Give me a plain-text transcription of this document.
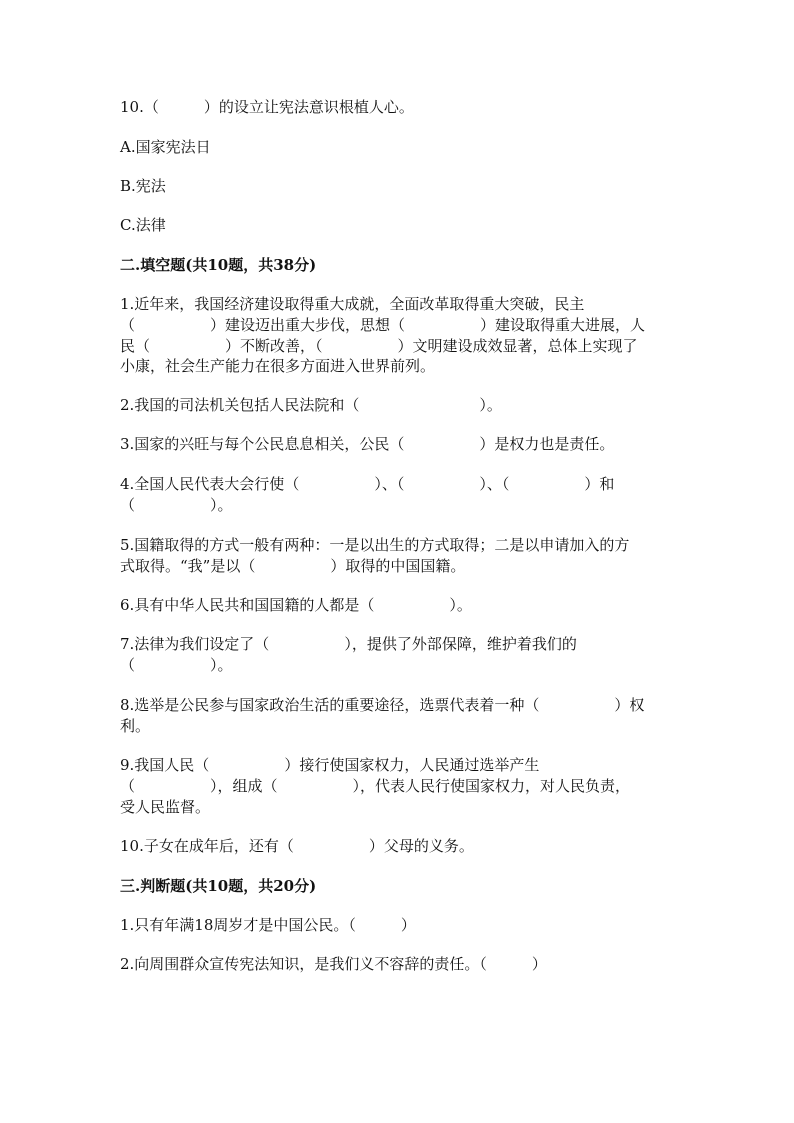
10.（　　　）的设立让宪法意识根植人心。
A.国家宪法日
B.宪法
C.法律
二.填空题(共10题，共38分)
1.近年来，我国经济建设取得重大成就，全面改革取得重大突破，民主
（　　　　　）建设迈出重大步伐，思想（　　　　　）建设取得重大进展，人
民（　　　　　）不断改善，（　　　　　）文明建设成效显著，总体上实现了
小康，社会生产能力在很多方面进入世界前列。
2.我国的司法机关包括人民法院和（　　　　　　　　）。
3.国家的兴旺与每个公民息息相关，公民（　　　　　）是权力也是责任。
4.全国人民代表大会行使（　　　　　）、（　　　　　）、（　　　　　）和
（　　　　　）。
5.国籍取得的方式一般有两种：一是以出生的方式取得；二是以申请加入的方
式取得。“我”是以（　　　　　）取得的中国国籍。
6.具有中华人民共和国国籍的人都是（　　　　　）。
7.法律为我们设定了（　　　　　），提供了外部保障，维护着我们的
（　　　　　）。
8.选举是公民参与国家政治生活的重要途径，选票代表着一种（　　　　　）权
利。
9.我国人民（　　　　　）接行使国家权力，人民通过选举产生
（　　　　　），组成（　　　　　），代表人民行使国家权力，对人民负责，
受人民监督。
10.子女在成年后，还有（　　　　　）父母的义务。
三.判断题(共10题，共20分)
1.只有年满18周岁才是中国公民。（　　　）
2.向周围群众宣传宪法知识，是我们义不容辞的责任。（　　　）
